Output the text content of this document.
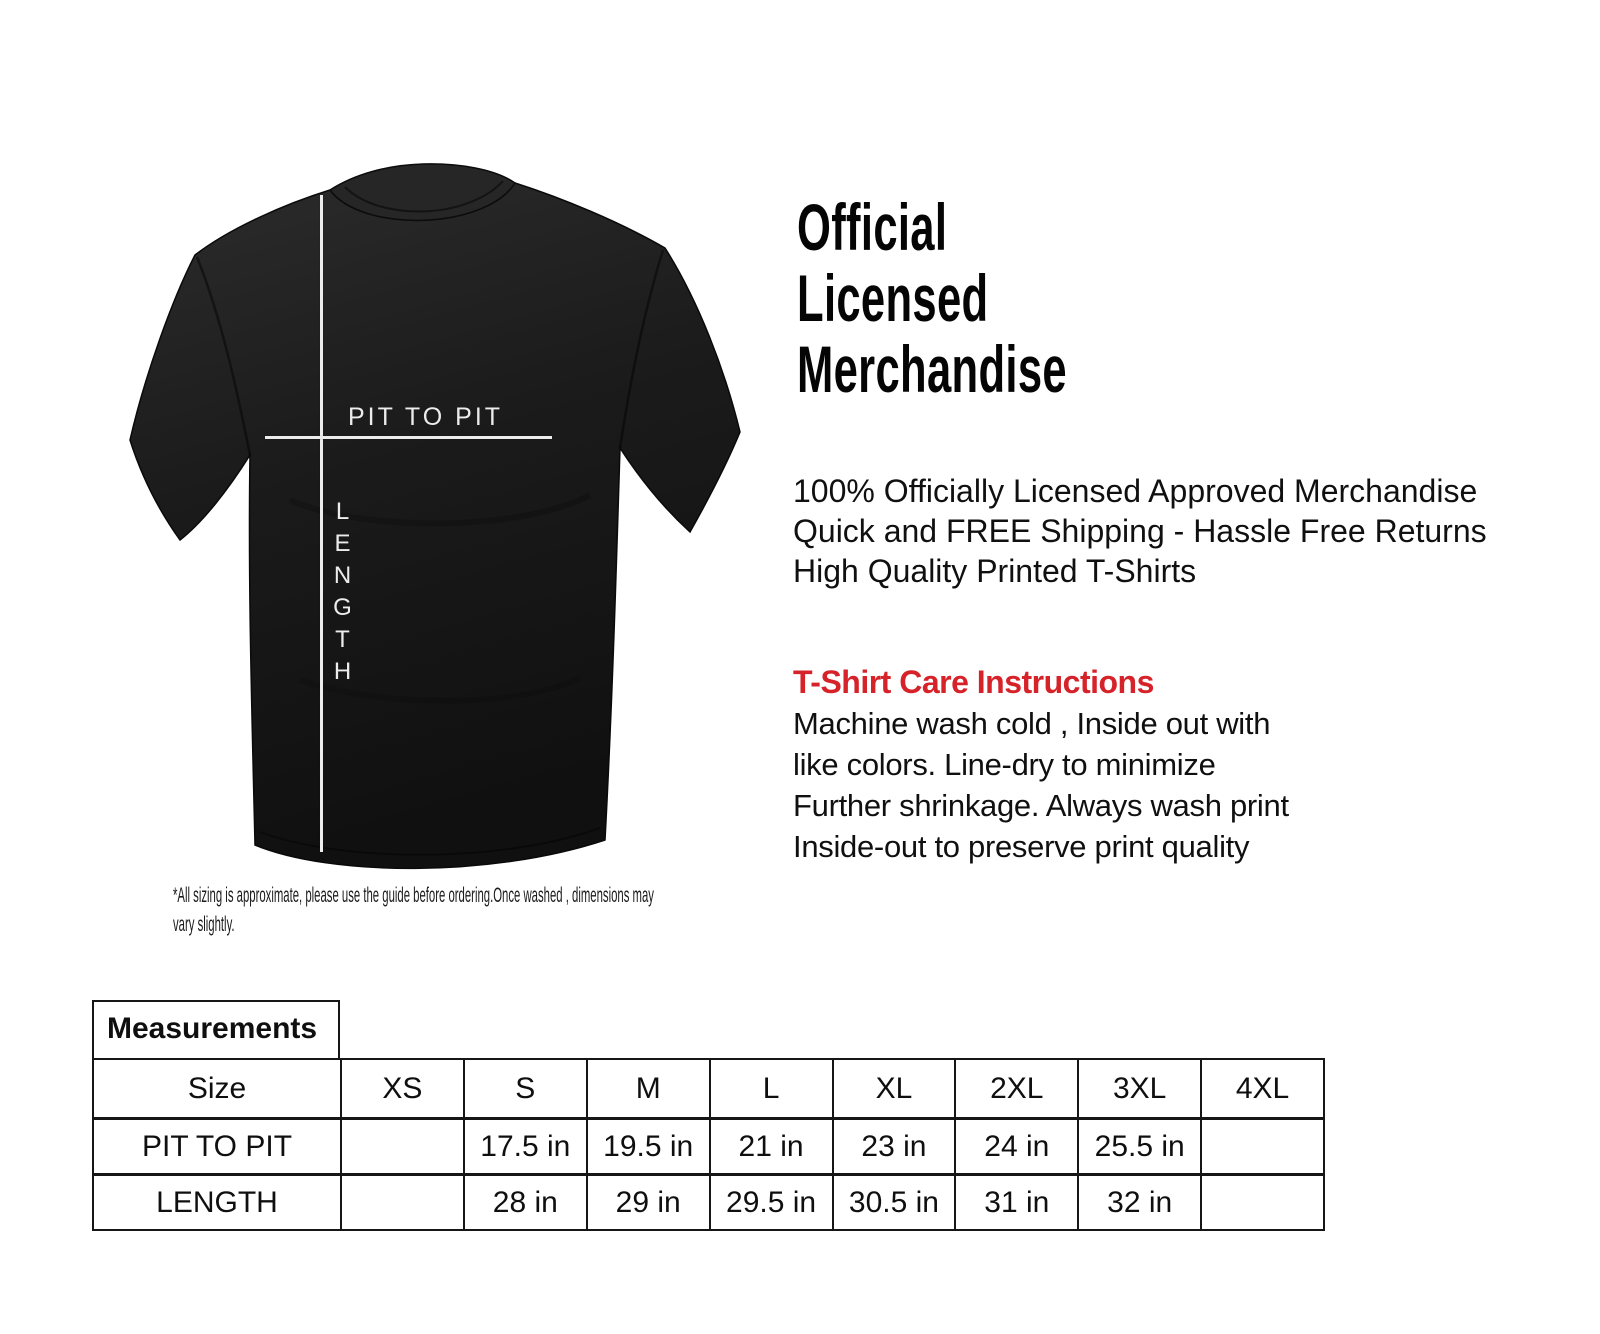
PIT TO PIT
LENGTH
*All sizing is approximate, please use the guide before ordering.Once washed , dimensions may
vary slightly.
Official
Licensed
Merchandise
100% Officially Licensed Approved Merchandise
Quick and FREE Shipping - Hassle Free Returns
High Quality Printed T-Shirts
T-Shirt Care Instructions
Machine wash cold , Inside out with
like colors. Line-dry to minimize
Further shrinkage. Always wash print
Inside-out to preserve print quality
Measurements
Size	XS	S	M	L	XL	2XL	3XL	4XL
PIT TO PIT		17.5 in	19.5 in	21 in	23 in	24 in	25.5 in	
LENGTH		28 in	29 in	29.5 in	30.5 in	31 in	32 in	
